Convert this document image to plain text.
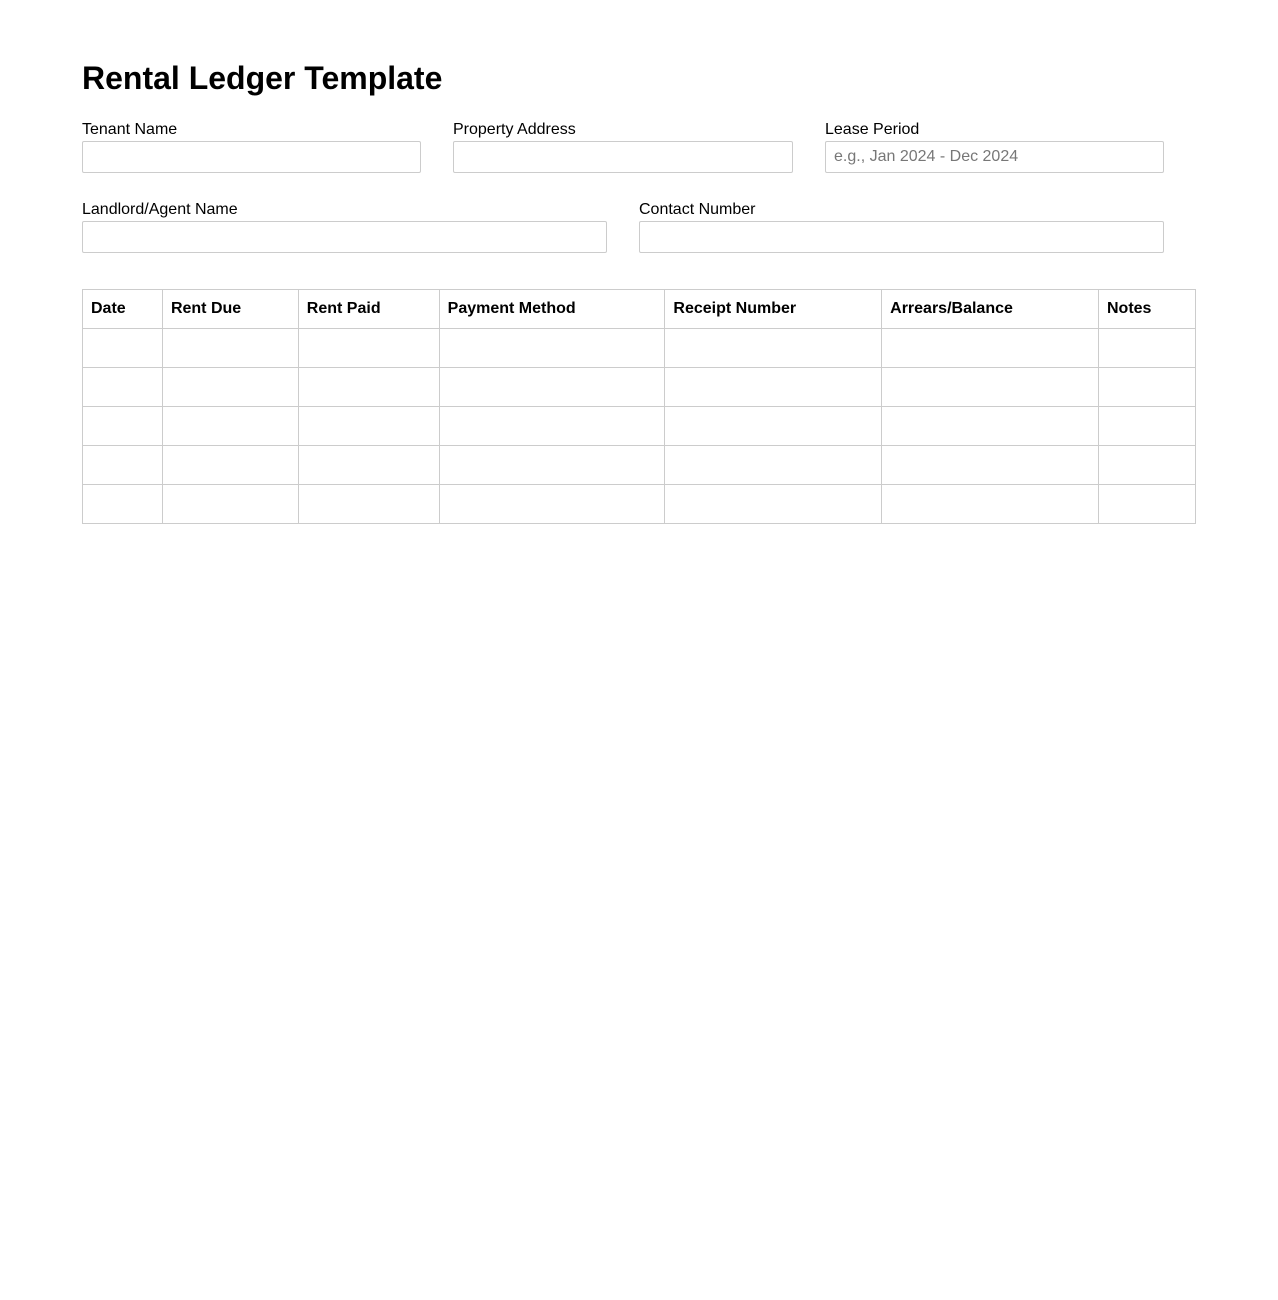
Rental Ledger Template
Tenant Name	Property Address	Lease Period
e.g., Jan 2024 - Dec 2024
Landlord/Agent Name	Contact Number
Date	Rent Due	Rent Paid	Payment Method	Receipt Number	Arrears/Balance	Notes
